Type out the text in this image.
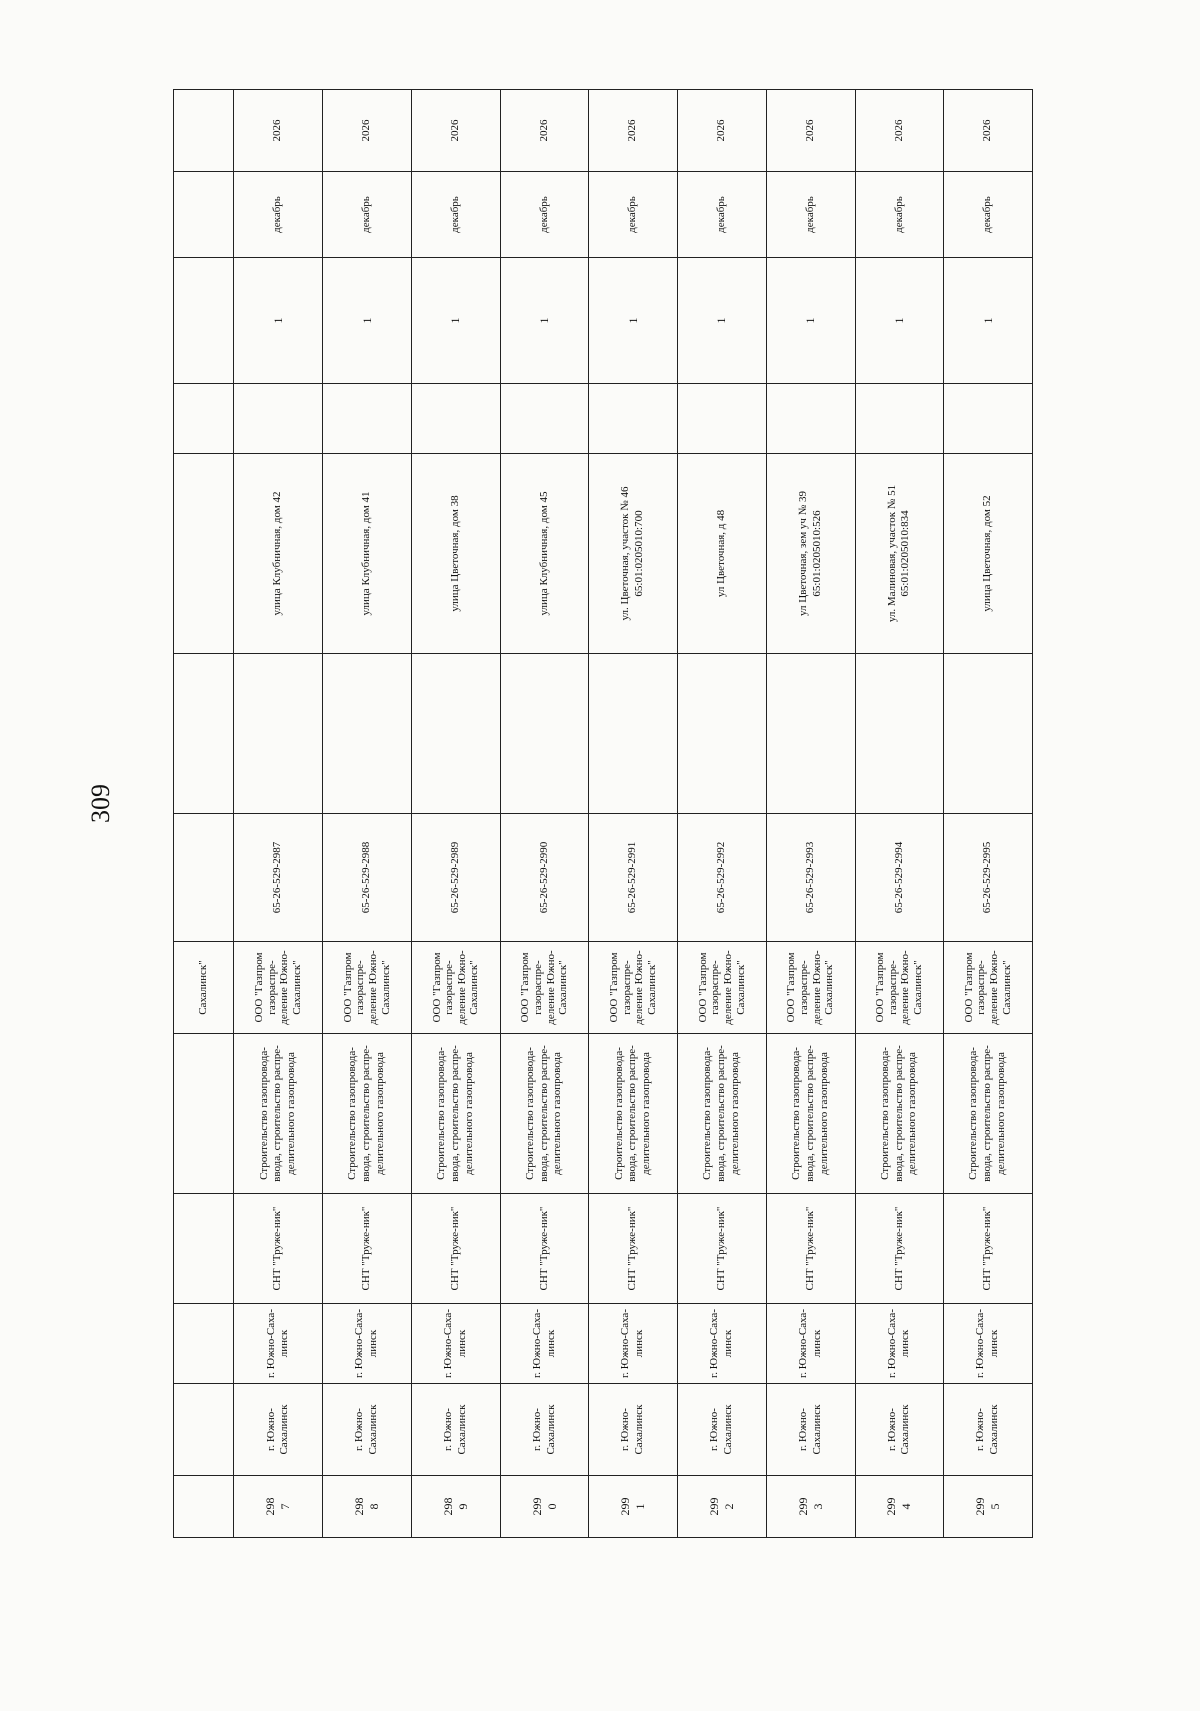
309
					Сахалинск"							
298
7	г. Южно-Сахалинск	г. Южно-Саха-линск	СНТ "Труже-ник"	Строительство газопровода-ввода, строительство распре-делительного газопровода	ООО "Газпром газораспре-деление Южно-Сахалинск"	65-26-529-2987		улица Клубничная, дом 42		1	декабрь	2026
298
8	г. Южно-Сахалинск	г. Южно-Саха-линск	СНТ "Труже-ник"	Строительство газопровода-ввода, строительство распре-делительного газопровода	ООО "Газпром газораспре-деление Южно-Сахалинск"	65-26-529-2988		улица Клубничная, дом 41		1	декабрь	2026
298
9	г. Южно-Сахалинск	г. Южно-Саха-линск	СНТ "Труже-ник"	Строительство газопровода-ввода, строительство распре-делительного газопровода	ООО "Газпром газораспре-деление Южно-Сахалинск"	65-26-529-2989		улица Цветочная, дом 38		1	декабрь	2026
299
0	г. Южно-Сахалинск	г. Южно-Саха-линск	СНТ "Труже-ник"	Строительство газопровода-ввода, строительство распре-делительного газопровода	ООО "Газпром газораспре-деление Южно-Сахалинск"	65-26-529-2990		улица Клубничная, дом 45		1	декабрь	2026
299
1	г. Южно-Сахалинск	г. Южно-Саха-линск	СНТ "Труже-ник"	Строительство газопровода-ввода, строительство распре-делительного газопровода	ООО "Газпром газораспре-деление Южно-Сахалинск"	65-26-529-2991		ул. Цветочная, участок № 46
65:01:0205010:700		1	декабрь	2026
299
2	г. Южно-Сахалинск	г. Южно-Саха-линск	СНТ "Труже-ник"	Строительство газопровода-ввода, строительство распре-делительного газопровода	ООО "Газпром газораспре-деление Южно-Сахалинск"	65-26-529-2992		ул Цветочная, д 48		1	декабрь	2026
299
3	г. Южно-Сахалинск	г. Южно-Саха-линск	СНТ "Труже-ник"	Строительство газопровода-ввода, строительство распре-делительного газопровода	ООО "Газпром газораспре-деление Южно-Сахалинск"	65-26-529-2993		ул Цветочная, зем уч № 39
65:01:0205010:526		1	декабрь	2026
299
4	г. Южно-Сахалинск	г. Южно-Саха-линск	СНТ "Труже-ник"	Строительство газопровода-ввода, строительство распре-делительного газопровода	ООО "Газпром газораспре-деление Южно-Сахалинск"	65-26-529-2994		ул. Малиновая, участок № 51
65:01:0205010:834		1	декабрь	2026
299
5	г. Южно-Сахалинск	г. Южно-Саха-линск	СНТ "Труже-ник"	Строительство газопровода-ввода, строительство распре-делительного газопровода	ООО "Газпром газораспре-деление Южно-Сахалинск"	65-26-529-2995		улица Цветочная, дом 52		1	декабрь	2026
